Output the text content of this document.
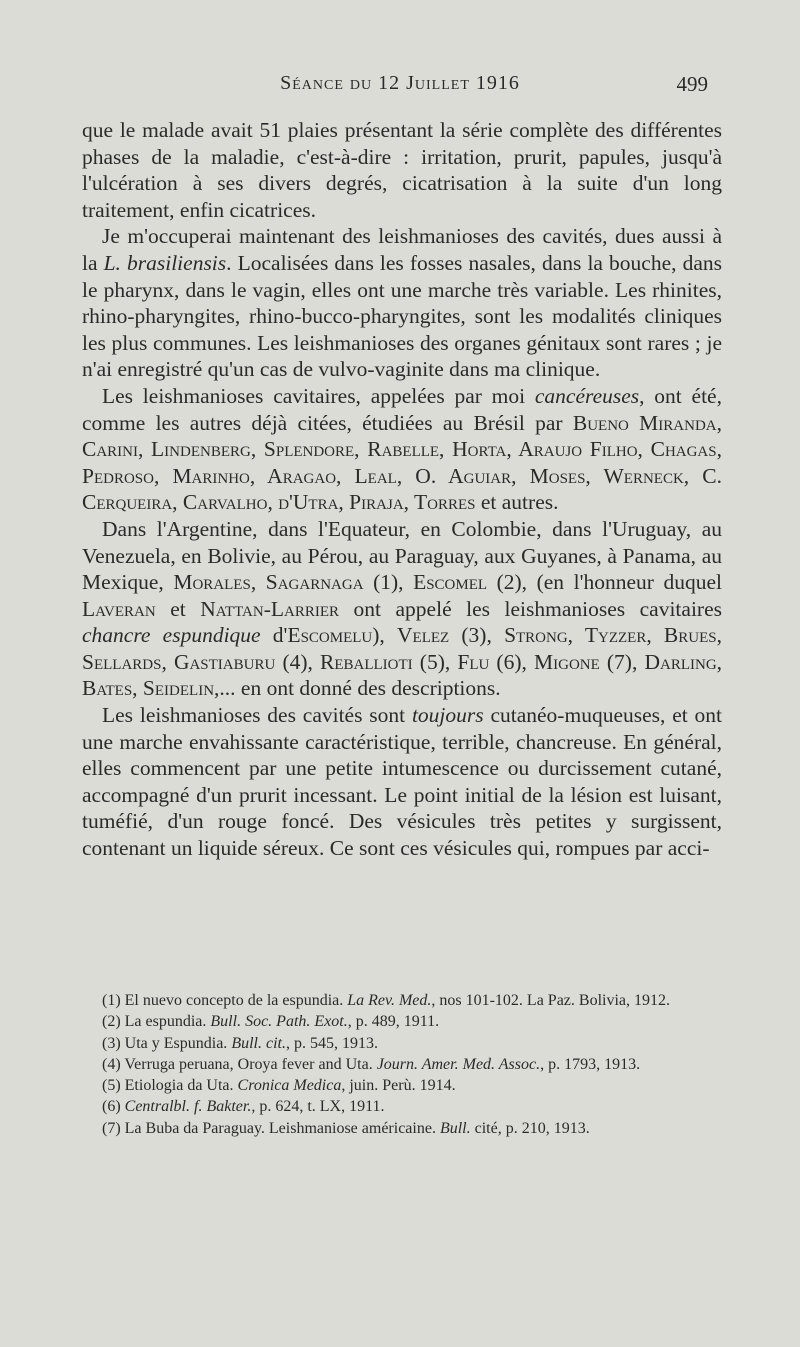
Séance du 12 Juillet 1916	499

que le malade avait 51 plaies présentant la série complète des différentes phases de la maladie, c'est-à-dire : irritation, prurit, papules, jusqu'à l'ulcération à ses divers degrés, cicatrisation à la suite d'un long traitement, enfin cicatrices.

Je m'occuperai maintenant des leishmanioses des cavités, dues aussi à la L. brasiliensis. Localisées dans les fosses nasales, dans la bouche, dans le pharynx, dans le vagin, elles ont une marche très variable. Les rhinites, rhino-pharyngites, rhino-bucco-pharyngites, sont les modalités cliniques les plus communes. Les leishmanioses des organes génitaux sont rares ; je n'ai enregistré qu'un cas de vulvo-vaginite dans ma clinique.

Les leishmanioses cavitaires, appelées par moi cancéreuses, ont été, comme les autres déjà citées, étudiées au Brésil par Bueno Miranda, Carini, Lindenberg, Splendore, Rabelle, Horta, Araujo Filho, Chagas, Pedroso, Marinho, Aragao, Leal, O. Aguiar, Moses, Werneck, C. Cerqueira, Carvalho, d'Utra, Piraja, Torres et autres.

Dans l'Argentine, dans l'Equateur, en Colombie, dans l'Uruguay, au Venezuela, en Bolivie, au Pérou, au Paraguay, aux Guyanes, à Panama, au Mexique, Morales, Sagarnaga (1), Escomel (2), (en l'honneur duquel Laveran et Nattan-Larrier ont appelé les leishmanioses cavitaires chancre espundique d'Escomelu), Velez (3), Strong, Tyzzer, Brues, Sellards, Gastiaburu (4), Reballioti (5), Flu (6), Migone (7), Darling, Bates, Seidelin,... en ont donné des descriptions.

Les leishmanioses des cavités sont toujours cutanéo-muqueuses, et ont une marche envahissante caractéristique, terrible, chancreuse. En général, elles commencent par une petite intumescence ou durcissement cutané, accompagné d'un prurit incessant. Le point initial de la lésion est luisant, tuméfié, d'un rouge foncé. Des vésicules très petites y surgissent, contenant un liquide séreux. Ce sont ces vésicules qui, rompues par acci-

(1) El nuevo concepto de la espundia. La Rev. Med., nos 101-102. La Paz. Bolivia, 1912.

(2) La espundia. Bull. Soc. Path. Exot., p. 489, 1911.

(3) Uta y Espundia. Bull. cit., p. 545, 1913.

(4) Verruga peruana, Oroya fever and Uta. Journ. Amer. Med. Assoc., p. 1793, 1913.

(5) Etiologia da Uta. Cronica Medica, juin. Perù. 1914.

(6) Centralbl. f. Bakter., p. 624, t. LX, 1911.

(7) La Buba da Paraguay. Leishmaniose américaine. Bull. cité, p. 210, 1913.
